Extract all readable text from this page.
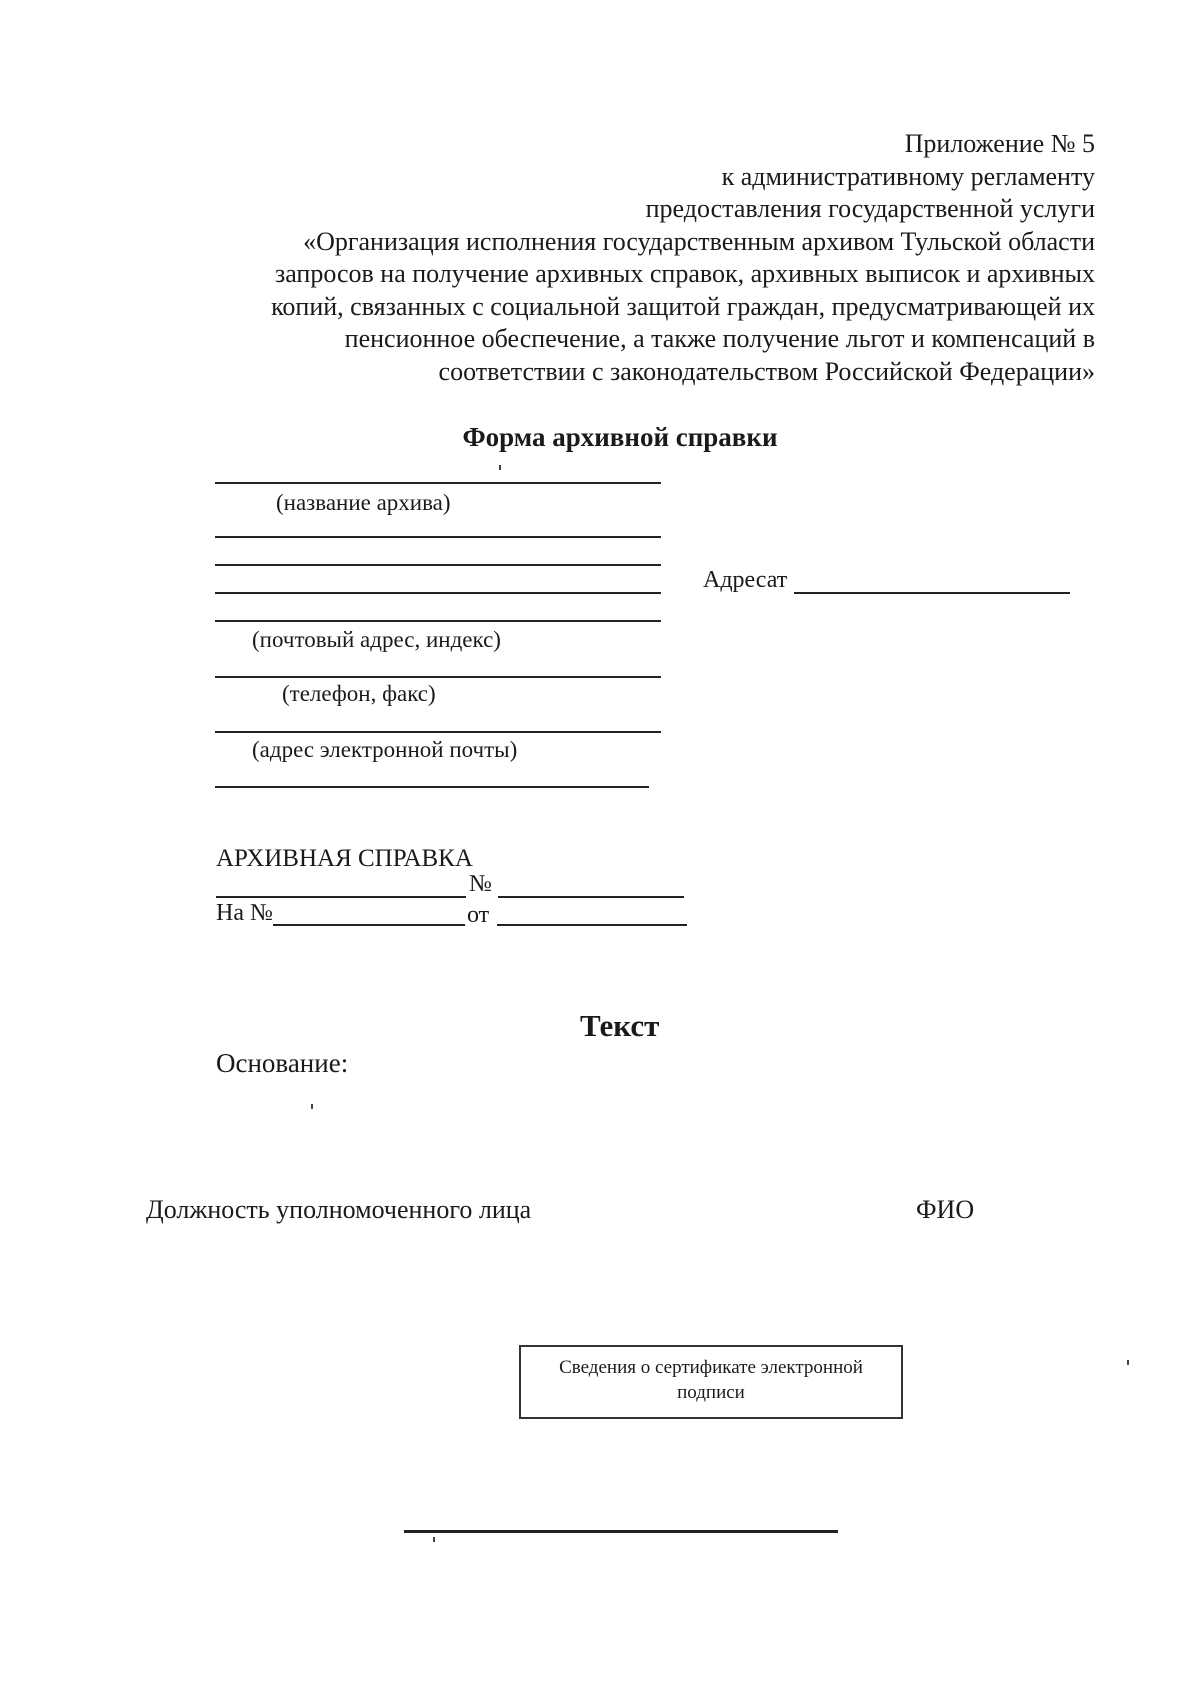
Приложение № 5
к административному регламенту
предоставления государственной услуги
«Организация исполнения государственным архивом Тульской области
запросов на получение архивных справок, архивных выписок и архивных
копий, связанных с социальной защитой граждан, предусматривающей их
пенсионное обеспечение, а также получение льгот и компенсаций в
соответствии с законодательством Российской Федерации»
Форма архивной справки
(название архива)
(почтовый адрес, индекс)
(телефон, факс)
(адрес электронной почты)
Адресат
АРХИВНАЯ СПРАВКА
№
На №	от
Текст
Основание:
Должность уполномоченного лица	ФИО
Сведения о сертификате электронной
подписи
